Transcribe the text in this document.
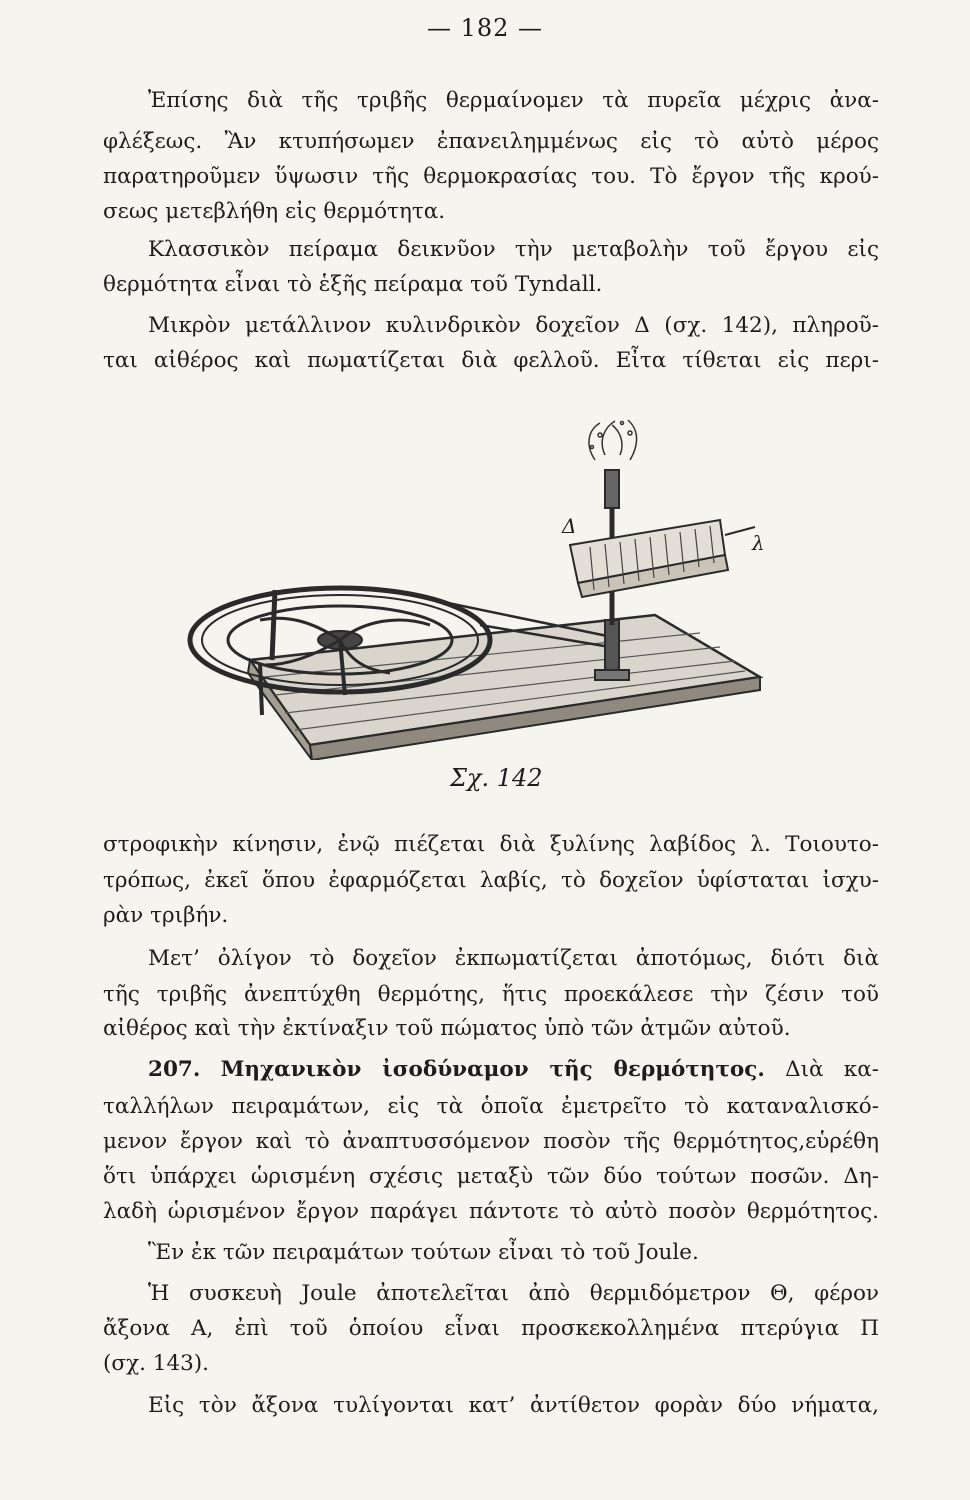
— 182 —
Ἐπίσης διὰ τῆς τριβῆς θερμαίνομεν τὰ πυρεῖα μέχρις ἀνα-
φλέξεως. Ἂν κτυπήσωμεν ἐπανειλημμένως εἰς τὸ αὐτὸ μέρος
παρατηροῦμεν ὕψωσιν τῆς θερμοκρασίας του. Τὸ ἔργον τῆς κρού-
σεως μετεβλήθη εἰς θερμότητα.
Κλασσικὸν πείραμα δεικνῦον τὴν μεταβολὴν τοῦ ἔργου εἰς
θερμότητα εἶναι τὸ ἑξῆς πείραμα τοῦ Tyndall.
Μικρὸν μετάλλινον κυλινδρικὸν δοχεῖον Δ (σχ. 142), πληροῦ-
ται αἰθέρος καὶ πωματίζεται διὰ φελλοῦ. Εἶτα τίθεται εἰς περι-
Δ
λ
Σχ. 142
στροφικὴν κίνησιν, ἐνῷ πιέζεται διὰ ξυλίνης λαβίδος λ. Τοιουτο-
τρόπως, ἐκεῖ ὅπου ἐφαρμόζεται λαβίς, τὸ δοχεῖον ὑφίσταται ἰσχυ-
ρὰν τριβήν.
Μετ’ ὀλίγον τὸ δοχεῖον ἐκπωματίζεται ἀποτόμως, διότι διὰ
τῆς τριβῆς ἀνεπτύχθη θερμότης, ἥτις προεκάλεσε τὴν ζέσιν τοῦ
αἰθέρος καὶ τὴν ἐκτίναξιν τοῦ πώματος ὑπὸ τῶν ἀτμῶν αὐτοῦ.
207. Μηχανικὸν ἰσοδύναμον τῆς θερμότητος. Διὰ κα-
ταλλήλων πειραμάτων, εἰς τὰ ὁποῖα ἐμετρεῖτο τὸ καταναλισκό-
μενον ἔργον καὶ τὸ ἀναπτυσσόμενον ποσὸν τῆς θερμότητος,εὑρέθη
ὅτι ὑπάρχει ὡρισμένη σχέσις μεταξὺ τῶν δύο τούτων ποσῶν. Δη-
λαδὴ ὡρισμένον ἔργον παράγει πάντοτε τὸ αὐτὸ ποσὸν θερμότητος.
Ἓν ἐκ τῶν πειραμάτων τούτων εἶναι τὸ τοῦ Joule.
Ἡ συσκευὴ Joule ἀποτελεῖται ἀπὸ θερμιδόμετρον Θ, φέρον
ἄξονα Α, ἐπὶ τοῦ ὁποίου εἶναι προσκεκολλημένα πτερύγια Π
(σχ. 143).
Εἰς τὸν ἄξονα τυλίγονται κατ’ ἀντίθετον φορὰν δύο νήματα,
